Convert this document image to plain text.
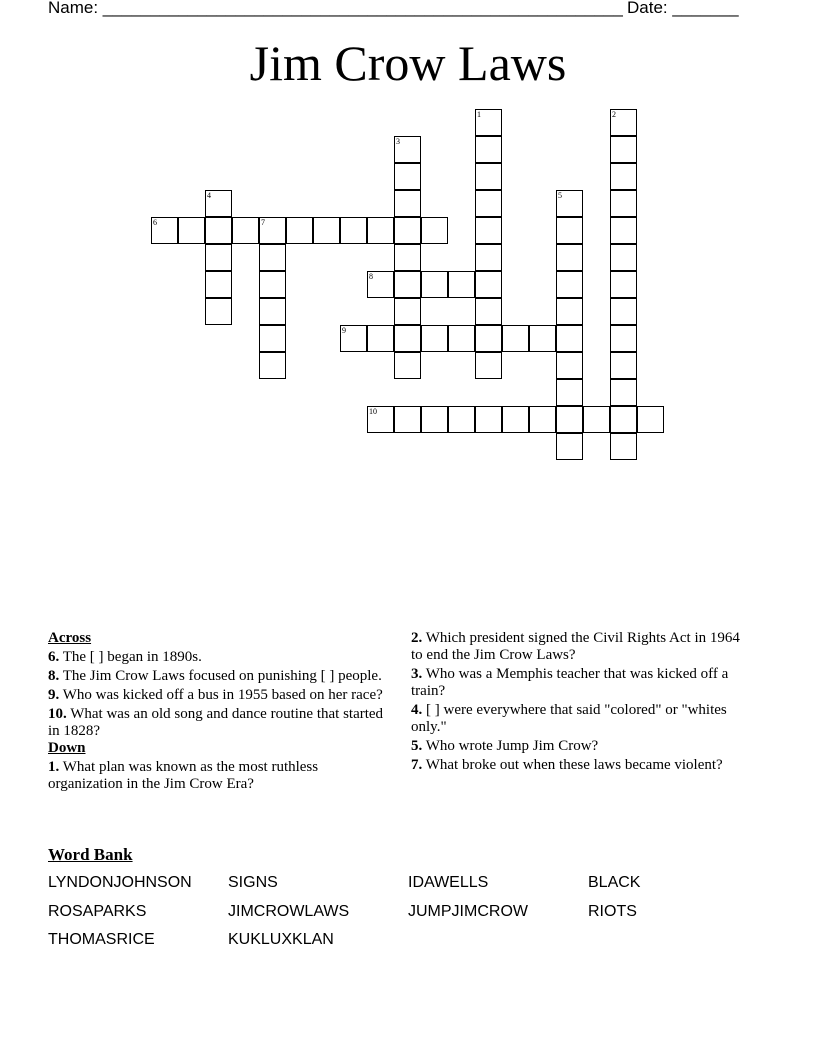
Name: _______________________________________________________ Date: _______
Jim Crow Laws
1	2
3
4	5
6	7
8
9
10
Across
6. The [ ] began in 1890s.
8. The Jim Crow Laws focused on punishing [ ] people.
9. Who was kicked off a bus in 1955 based on her race?
10. What was an old song and dance routine that started in 1828?
Down
1. What plan was known as the most ruthless organization in the Jim Crow Era?
2. Which president signed the Civil Rights Act in 1964 to end the Jim Crow Laws?
3. Who was a Memphis teacher that was kicked off a train?
4. [ ] were everywhere that said "colored" or "whites only."
5. Who wrote Jump Jim Crow?
7. What broke out when these laws became violent?
Word Bank
LYNDONJOHNSON SIGNS	IDAWELLS	BLACK
ROSAPARKS	JIMCROWLAWS	JUMPJIMCROW	RIOTS
THOMASRICE	KUKLUXKLAN
